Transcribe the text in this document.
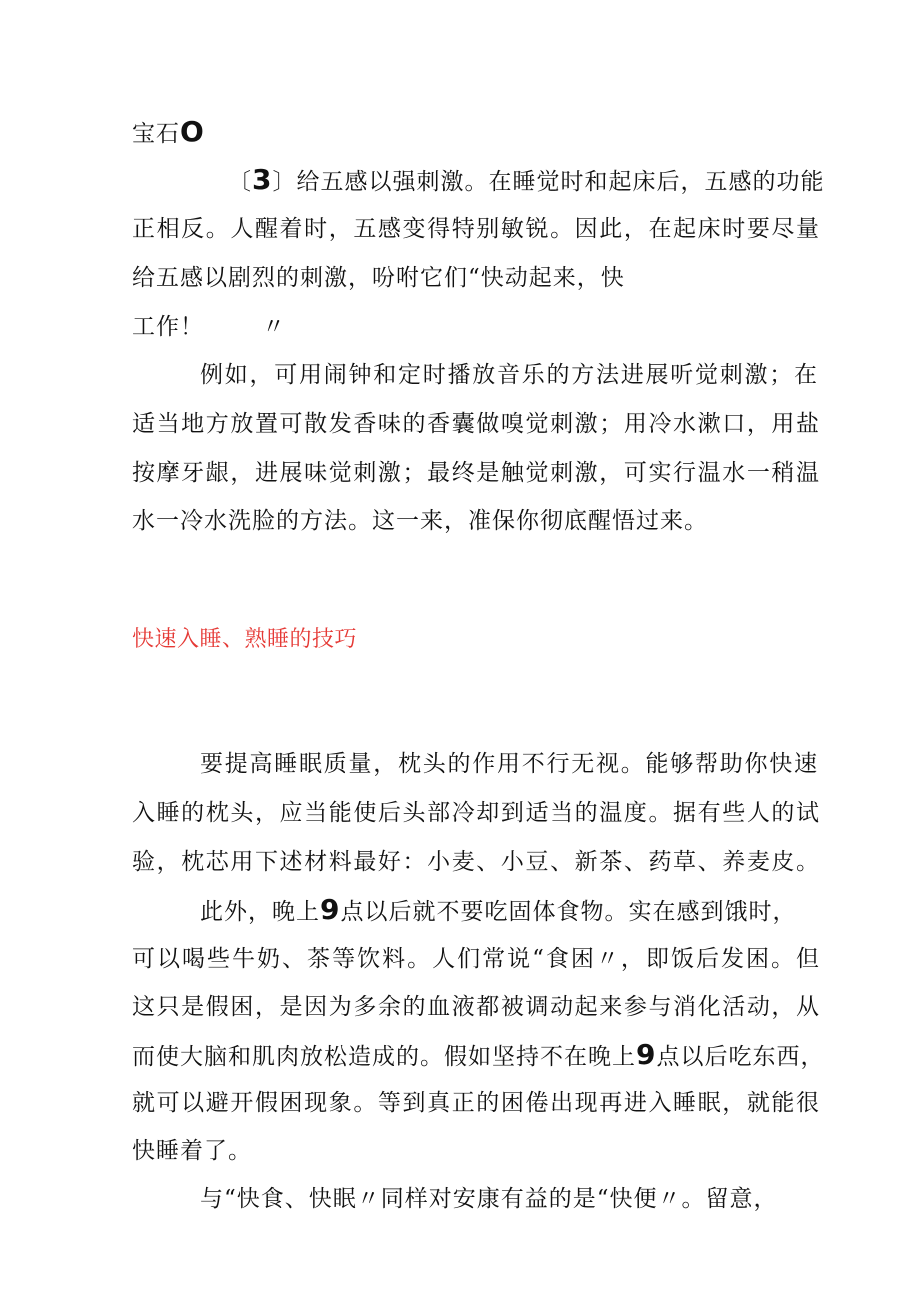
宝石O
〔3〕给五感以强刺激。在睡觉时和起床后，五感的功能
正相反。人醒着时，五感变得特别敏锐。因此，在起床时要尽量
给五感以剧烈的刺激，吩咐它们“快动起来，快
工作！	〃
例如，可用闹钟和定时播放音乐的方法进展听觉刺激；在
适当地方放置可散发香味的香囊做嗅觉刺激；用冷水漱口，用盐
按摩牙龈，进展味觉刺激；最终是触觉刺激，可实行温水一稍温
水一冷水洗脸的方法。这一来，准保你彻底醒悟过来。
快速入睡、熟睡的技巧
要提高睡眠质量，枕头的作用不行无视。能够帮助你快速
入睡的枕头，应当能使后头部冷却到适当的温度。据有些人的试
验，枕芯用下述材料最好：小麦、小豆、新茶、药草、养麦皮。
此外，晚上9点以后就不要吃固体食物。实在感到饿时，
可以喝些牛奶、茶等饮料。人们常说“食困〃，即饭后发困。但
这只是假困，是因为多余的血液都被调动起来参与消化活动，从
而使大脑和肌肉放松造成的。假如坚持不在晚上9点以后吃东西，
就可以避开假困现象。等到真正的困倦出现再进入睡眠，就能很
快睡着了。
与“快食、快眠〃同样对安康有益的是“快便〃。留意，
